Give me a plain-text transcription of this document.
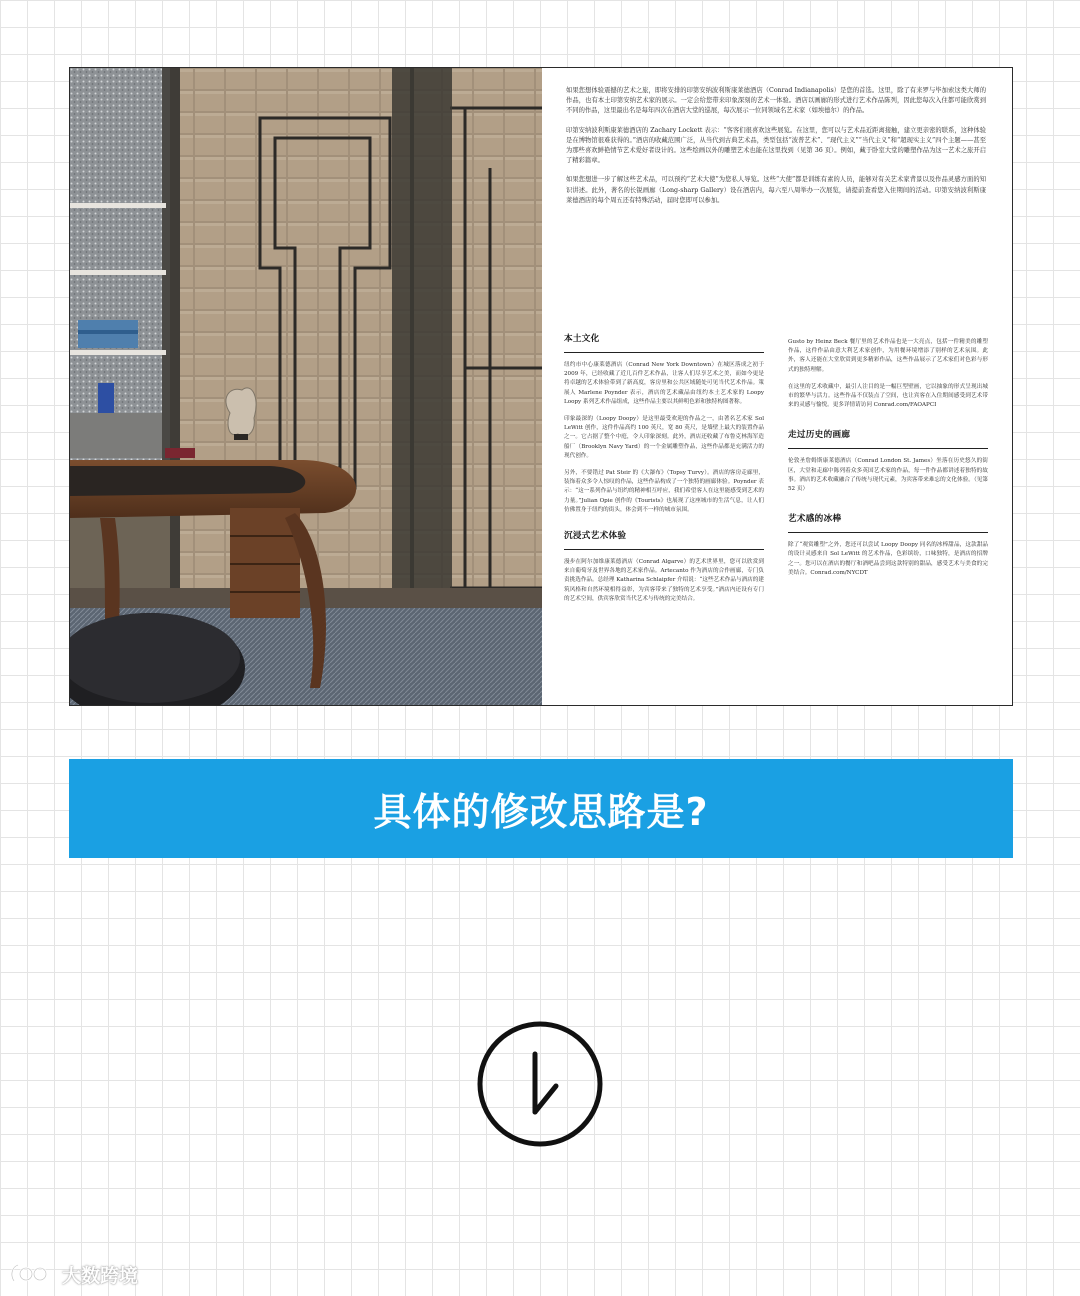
如果您想体验震撼的艺术之旅，即将安排的印第安纳波利斯康莱德酒店（Conrad Indianapolis）是您的首选。这里，除了有来罗与毕加索这类大师的作品，也有本土印第安纳艺术家的展示。一定会给您带来印象深刻的艺术一体验。酒店以画廊的形式进行艺术作品陈列，因此您每次入住都可能欣赏到不同的作品，这里最出名是每年四次在酒店大堂的巡展，每次展示一位同领域名艺术家（如埃德尔）的作品。

印第安纳波利斯康莱德酒店的 Zachary Lockett 表示：“客客们很喜欢这些展览。在这里，您可以与艺术品近距离接触，建立更亲密的联系，这种体验是在博物馆很难获得的。”酒店的收藏范围广泛，从当代到古典艺术品，类型包括“波普艺术”、“现代主义”“当代主义”和“超现实主义”四个主题——甚至为那些喜欢鲜艳情节艺术爱好者设计的。这些绘画以外的雕塑艺术也能在这里找到（见第 36 页）。例如，藏于卧室大堂的雕塑作品为这一艺术之旅开启了精彩篇章。

如果您想进一步了解这些艺术品，可以预约“艺术大使”为您私人导览。这些“大使”都是训练有素的人员，能够对有关艺术家背景以及作品灵感方面的知识讲述。此外，著名的长锐画廊（Long-sharp Gallery）设在酒店内，每六至八周举办一次展览，请提前查看您入住期间的活动。印第安纳波利斯康莱德酒店的每个周五还有特殊活动，届时您即可以参加。

本土文化

纽约市中心康莱德酒店（Conrad New York Downtown）在城区落成之初于 2009 年，已经收藏了近几百件艺术作品，让客人们尽享艺术之美，而如今更是将卓越的艺术体验带到了新高度，客房里和公共区域随处可见当代艺术作品。策展人 Marlene Poynder 表示，酒店的艺术藏品由纽约本土艺术家的 Loopy Loopy 系列艺术作品组成，这些作品主要以其鲜明色彩和独特构图著称。

印象最深的（Loopy Doopy）是这里最受欢迎的作品之一，由著名艺术家 Sol LeWitt 创作，这件作品高约 100 英尺，宽 80 英尺，是墙壁上最大的装置作品之一。它占据了整个中庭，令人印象深刻。此外，酒店还收藏了布鲁克林海军造船厂（Brooklyn Navy Yard）的一个金属雕塑作品，这些作品都是充满活力的现代创作。

另外，不要错过 Pat Steir 的《大瀑布》（Topsy Turvy）。酒店的客房走廊里，装饰着众多令人惊叹的作品，这些作品构成了一个独特的画廊体验。Poynder 表示：“这一系列作品与纽约的精神相互呼应，我们希望客人在这里能感受到艺术的力量。”Julian Opie 创作的《Tourists》也展现了这座城市的生活气息，让人们仿佛置身于纽约的街头，体会到不一样的城市氛围。

沉浸式艺术体验

漫步在阿尔加维康莱德酒店（Conrad Algarve）的艺术世界里，您可以欣赏到来自葡萄牙及世界各地的艺术家作品。Artecanto 作为酒店的合作画廊，专门负责挑选作品。总经理 Katharina Schlaipfer 介绍说：“这些艺术作品与酒店的建筑风格和自然环境相得益彰，为宾客带来了独特的艺术享受。”酒店内还设有专门的艺术空间，供宾客欣赏当代艺术与传统的完美结合。

Gusto by Heinz Beck 餐厅里的艺术作品也是一大亮点，包括一件精美的雕塑作品，这件作品由意大利艺术家创作，为用餐环境增添了别样的艺术氛围。此外，客人还能在大堂欣赏到更多精彩作品，这些作品展示了艺术家们对色彩与形式的独特理解。

在这里的艺术收藏中，最引人注目的是一幅巨型壁画，它以抽象的形式呈现出城市的繁华与活力。这些作品不仅装点了空间，也让宾客在入住期间感受到艺术带来的灵感与愉悦。更多详情请访问 Conrad.com/FAOAPCI

走过历史的画廊

伦敦圣詹姆斯康莱德酒店（Conrad London St. James）坐落在历史悠久的街区，大堂和走廊中陈列着众多英国艺术家的作品，每一件作品都讲述着独特的故事。酒店的艺术收藏融合了传统与现代元素，为宾客带来难忘的文化体验。（见第 52 页）

艺术感的冰棒

除了“观赏雕塑”之外，您还可以尝试 Loopy Doopy 同名的冰棒甜品，这款甜品的设计灵感来自 Sol LeWitt 的艺术作品，色彩缤纷，口味独特，是酒店的招牌之一。您可以在酒店的餐厅和酒吧品尝到这款特别的甜品，感受艺术与美食的完美结合。Conrad.com/NYCDT

具体的修改思路是?
大数跨境
